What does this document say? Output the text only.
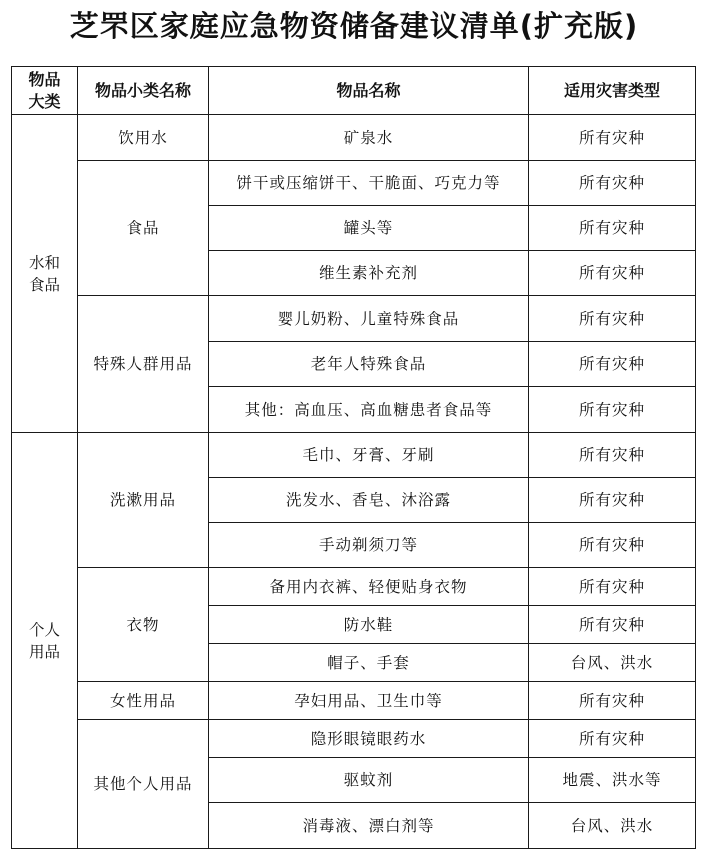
芝罘区家庭应急物资储备建议清单(扩充版)
物品大类	物品小类名称	物品名称	适用灾害类型
水和食品	饮用水	矿泉水	所有灾种
	食品	饼干或压缩饼干、干脆面、巧克力等	所有灾种
		罐头等	所有灾种
		维生素补充剂	所有灾种
	特殊人群用品	婴儿奶粉、儿童特殊食品	所有灾种
		老年人特殊食品	所有灾种
		其他：高血压、高血糖患者食品等	所有灾种
个人用品	洗漱用品	毛巾、牙膏、牙刷	所有灾种
		洗发水、香皂、沐浴露	所有灾种
		手动剃须刀等	所有灾种
	衣物	备用内衣裤、轻便贴身衣物	所有灾种
		防水鞋	所有灾种
		帽子、手套	台风、洪水
	女性用品	孕妇用品、卫生巾等	所有灾种
	其他个人用品	隐形眼镜眼药水	所有灾种
		驱蚊剂	地震、洪水等
		消毒液、漂白剂等	台风、洪水
